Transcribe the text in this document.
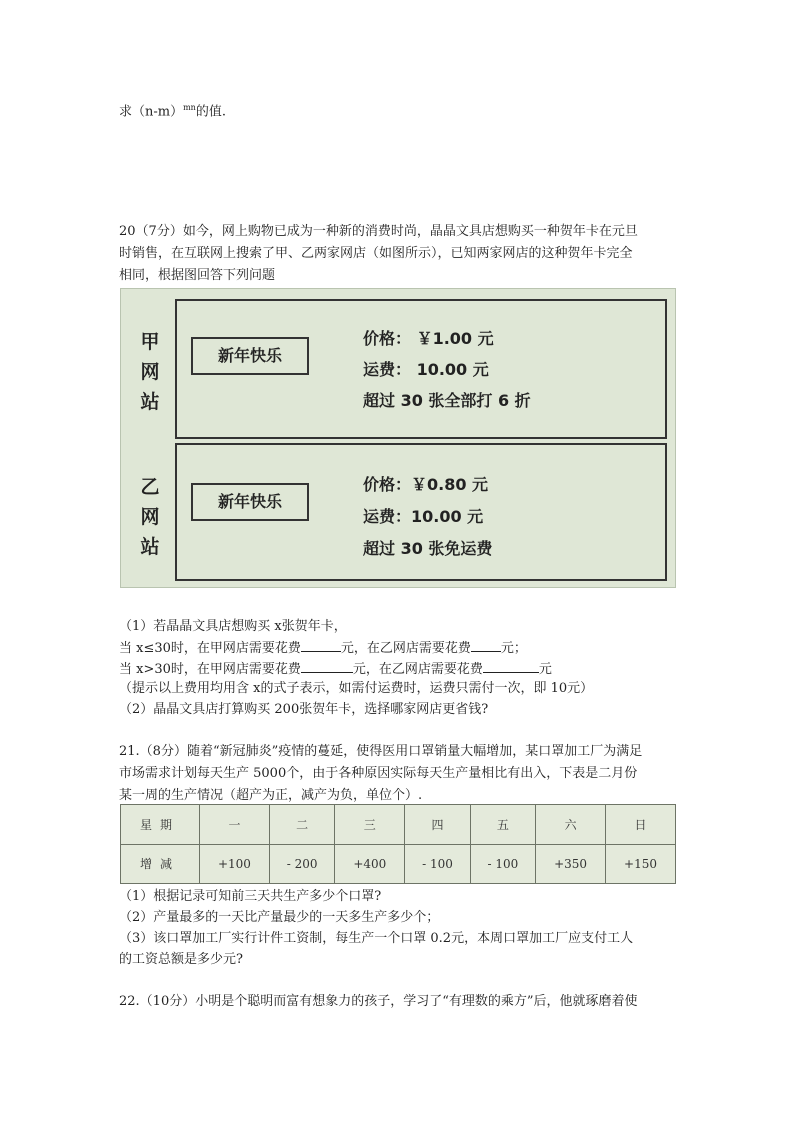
求$(n-m)^{mn}$的值.
20（7分）如今，网上购物已成为一种新的消费时尚，晶晶文具店想购买一种贺年卡在元旦
时销售，在互联网上搜索了甲、乙两家网店（如图所示），已知两家网店的这种贺年卡完全
相同，根据图回答下列问题
甲
网
站
新年快乐
价格： ￥1.00 元
运费： 10.00 元
超过 30 张全部打 6 折
乙
网
站
新年快乐
价格：￥0.80 元
运费：10.00 元
超过 30 张免运费
（1）若晶晶文具店想购买 x张贺年卡，
当 x≤30时，在甲网店需要花费	元，在乙网店需要花费 元；
当 x>30时，在甲网店需要花费	元，在乙网店需要花费	元
（提示以上费用均用含 x的式子表示，如需付运费时，运费只需付一次，即 10元）
（2）晶晶文具店打算购买 200张贺年卡，选择哪家网店更省钱?
21.（8分）随着“新冠肺炎”疫情的蔓延，使得医用口罩销量大幅增加，某口罩加工厂为满足
市场需求计划每天生产 5000个，由于各种原因实际每天生产量相比有出入，下表是二月份
某一周的生产情况（超产为正，减产为负，单位个）.
星期	一	二	三	四	五	六	日
增减	+100	- 200	+400	- 100	- 100	+350	+150
（1）根据记录可知前三天共生产多少个口罩?
（2）产量最多的一天比产量最少的一天多生产多少个；
（3）该口罩加工厂实行计件工资制，每生产一个口罩 0.2元，本周口罩加工厂应支付工人
的工资总额是多少元?
22.（10分）小明是个聪明而富有想象力的孩子，学习了“有理数的乘方”后，他就琢磨着使
